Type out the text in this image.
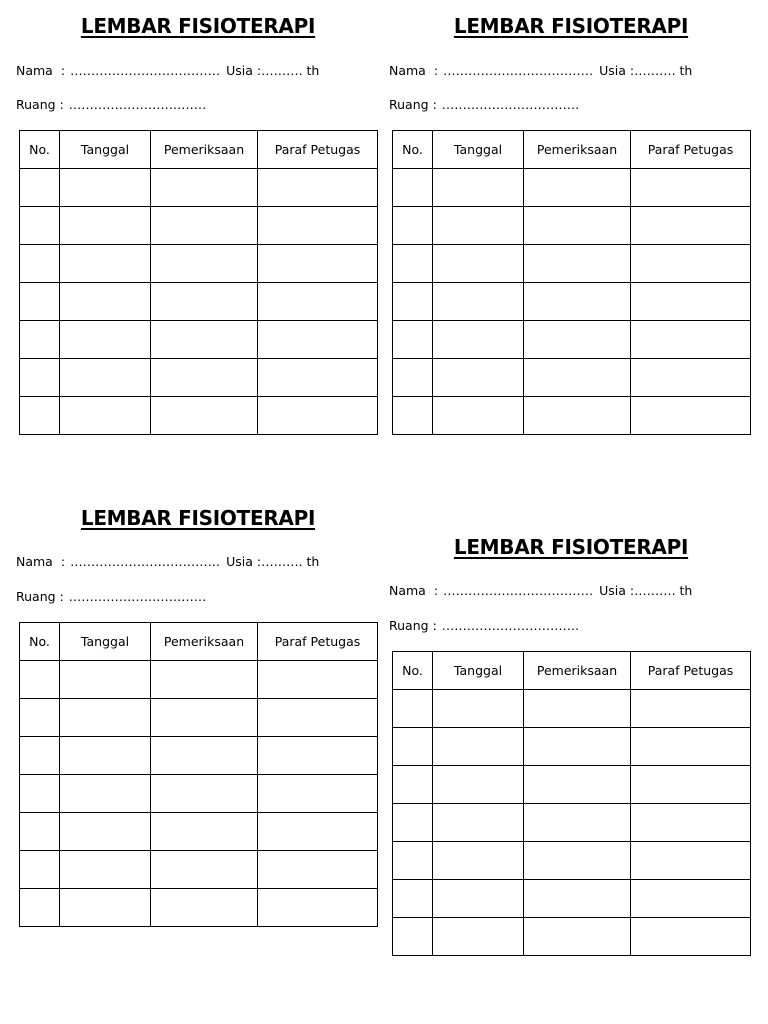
LEMBAR FISIOTERAPI
Nama : ……………………………… Usia :………. th
Ruang : ……………………………
No.	Tanggal	Pemeriksaan	Paraf Petugas

LEMBAR FISIOTERAPI
Nama : ……………………………… Usia :………. th
Ruang : ……………………………
No.	Tanggal	Pemeriksaan	Paraf Petugas

LEMBAR FISIOTERAPI
Nama : ……………………………… Usia :………. th
Ruang : ……………………………
No.	Tanggal	Pemeriksaan	Paraf Petugas

LEMBAR FISIOTERAPI
Nama : ……………………………… Usia :………. th
Ruang : ……………………………
No.	Tanggal	Pemeriksaan	Paraf Petugas
